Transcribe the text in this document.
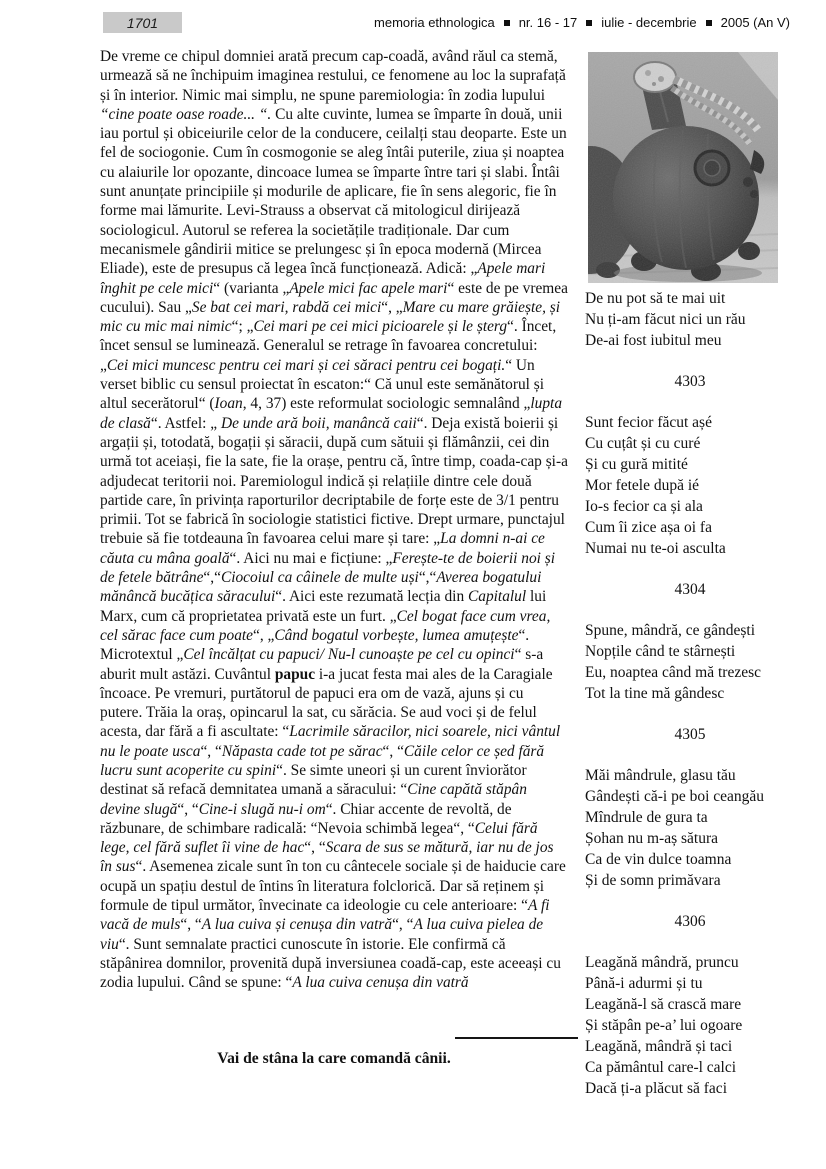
1701	memoria ethnologica nr. 16 - 17 iulie - decembrie 2005 (An V)
De vreme ce chipul domniei arată precum cap-coadă, având răul ca stemă, urmează să ne închipuim imaginea restului, ce fenomene au loc la suprafață și în interior. Nimic mai simplu, ne spune paremiologia: în zodia lupului “cine poate oase roade... “. Cu alte cuvinte, lumea se împarte în două, unii iau portul și obiceiurile celor de la conducere, ceilalți stau deoparte. Este un fel de sociogonie. Cum în cosmogonie se aleg întâi puterile, ziua și noaptea cu alaiurile lor opozante, dincoace lumea se împarte între tari și slabi. Întâi sunt anunțate principiile și modurile de aplicare, fie în sens alegoric, fie în forme mai lămurite. Levi-Strauss a observat că mitologicul dirijează sociologicul. Autorul se referea la societățile tradiționale. Dar cum mecanismele gândirii mitice se prelungesc și în epoca modernă (Mircea Eliade), este de presupus că legea încă funcționează. Adică: „Apele mari înghit pe cele mici“ (varianta „Apele mici fac apele mari“ este de pe vremea cucului). Sau „Se bat cei mari, rabdă cei mici“, „Mare cu mare grăiește, și mic cu mic mai nimic“; „Cei mari pe cei mici picioarele și le șterg“. Încet, încet sensul se luminează. Generalul se retrage în favoarea concretului: „Cei mici muncesc pentru cei mari și cei săraci pentru cei bogați.“ Un verset biblic cu sensul proiectat în escaton:“ Că unul este semănătorul și altul secerătorul“ (Ioan, 4, 37) este reformulat sociologic semnalând „lupta de clasă“. Astfel: „ De unde ară boii, manâncă caii“. Deja există boierii și argații și, totodată, bogații și săracii, după cum sătuii și flămânzii, cei din urmă tot aceiași, fie la sate, fie la orașe, pentru că, între timp, coada-cap și-a adjudecat teritorii noi. Paremiologul indică și relațiile dintre cele două partide care, în privința raporturilor decriptabile de forțe este de 3/1 pentru primii. Tot se fabrică în sociologie statistici fictive. Drept urmare, punctajul trebuie să fie totdeauna în favoarea celui mare și tare: „La domni n-ai ce căuta cu mâna goală“. Aici nu mai e ficțiune: „Ferește-te de boierii noi și de fetele bătrâne“,“Ciocoiul ca câinele de multe uși“,“Averea bogatului mănâncă bucățica săracului“. Aici este rezumată lecția din Capitalul lui Marx, cum că proprietatea privată este un furt. „Cel bogat face cum vrea, cel sărac face cum poate“, „Când bogatul vorbește, lumea amuțește“. Microtextul „Cel încălțat cu papuci/ Nu-l cunoaște pe cel cu opinci“ s-a aburit mult astăzi. Cuvântul papuc i-a jucat festa mai ales de la Caragiale încoace. Pe vremuri, purtătorul de papuci era om de vază, ajuns și cu putere. Trăia la oraș, opincarul la sat, cu sărăcia. Se aud voci și de felul acesta, dar fără a fi ascultate: “Lacrimile săracilor, nici soarele, nici vântul nu le poate usca“, “Năpasta cade tot pe sărac“, “Căile celor ce șed fără lucru sunt acoperite cu spini“. Se simte uneori și un curent înviorător destinat să refacă demnitatea umană a săracului: “Cine capătă stăpân devine slugă“, “Cine-i slugă nu-i om“. Chiar accente de revoltă, de răzbunare, de schimbare radicală: “Nevoia schimbă legea“, “Celui fără lege, cel fără suflet îi vine de hac“, “Scara de sus se mătură, iar nu de jos în sus“. Asemenea zicale sunt în ton cu cântecele sociale și de haiducie care ocupă un spațiu destul de întins în literatura folclorică. Dar să reținem și formule de tipul următor, învecinate ca ideologie cu cele anterioare: “A fi vacă de muls“, “A lua cuiva și cenușa din vatră“, “A lua cuiva pielea de viu“. Sunt semnalate practici cunoscute în istorie. Ele confirmă că stăpânirea domnilor, provenită după inversiunea coadă-cap, este aceeași cu zodia lupului. Când se spune: “A lua cuiva cenușa din vatră
Vai de stâna la care comandă cânii.
De nu pot să te mai uit
Nu ți-am făcut nici un rău
De-ai fost iubitul meu
4303
Sunt fecior făcut așé
Cu cuțât și cu curé
Și cu gură mitité
Mor fetele după ié
Io-s fecior ca și ala
Cum îi zice așa oi fa
Numai nu te-oi asculta
4304
Spune, mândră, ce gândești
Nopțile când te stârnești
Eu, noaptea când mă trezesc
Tot la tine mă gândesc
4305
Măi mândrule, glasu tău
Gândești că-i pe boi ceangău
Mîndrule de gura ta
Șohan nu m-aș sătura
Ca de vin dulce toamna
Și de somn primăvara
4306
Leagănă mândră, pruncu
Până-i adurmi și tu
Leagănă-l să crască mare
Și stăpân pe-a’ lui ogoare
Leagănă, mândră și taci
Ca pământul care-l calci
Dacă ți-a plăcut să faci
